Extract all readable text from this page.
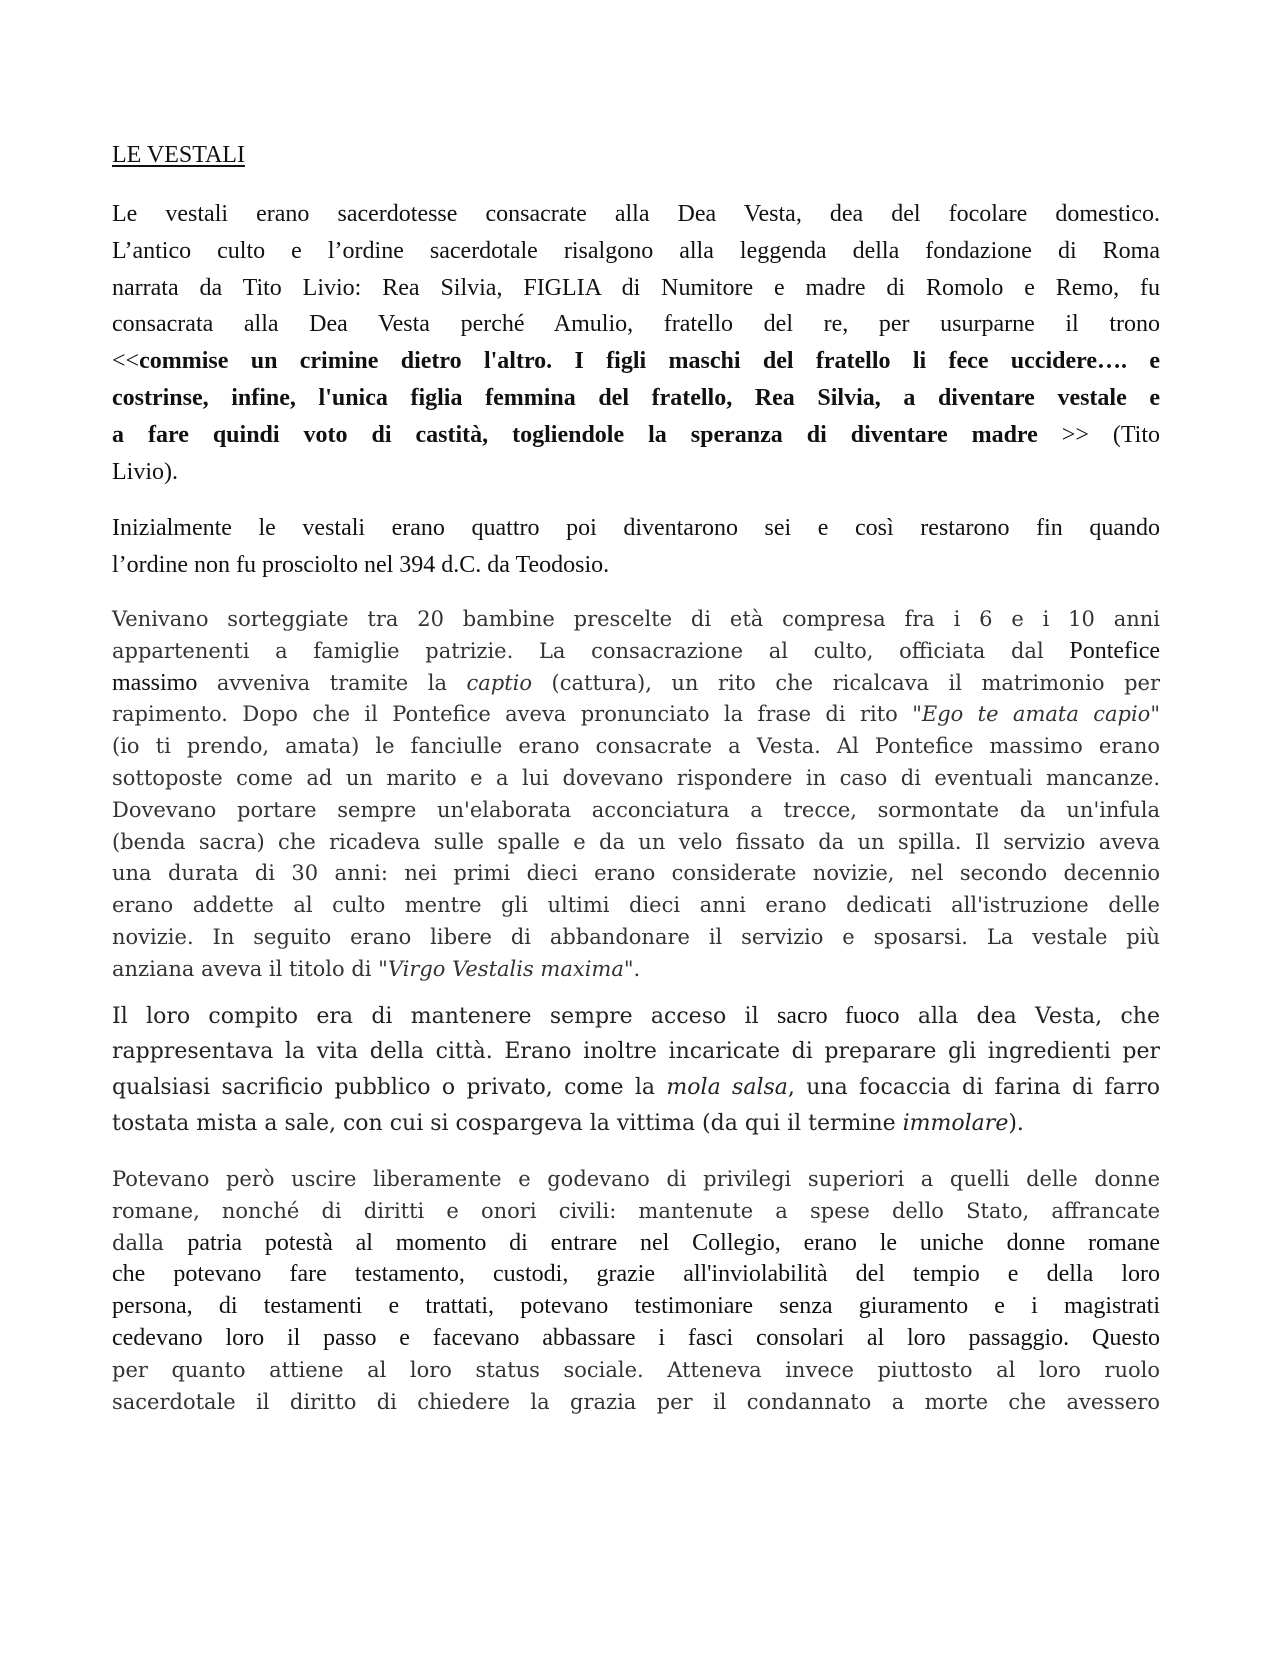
LE VESTALI
Le vestali erano sacerdotesse consacrate alla Dea Vesta, dea del focolare domestico.
L’antico culto e l’ordine sacerdotale risalgono alla leggenda della fondazione di Roma
narrata da Tito Livio: Rea Silvia, FIGLIA di Numitore e madre di Romolo e Remo, fu
consacrata alla Dea Vesta perché Amulio, fratello del re, per usurparne il trono
<<commise un crimine dietro l'altro. I figli maschi del fratello li fece uccidere…. e
costrinse, infine, l'unica figlia femmina del fratello, Rea Silvia, a diventare vestale e
a fare quindi voto di castità, togliendole la speranza di diventare madre >> (Tito
Livio).
Inizialmente le vestali erano quattro poi diventarono sei e così restarono fin quando
l’ordine non fu prosciolto nel 394 d.C. da Teodosio.
Venivano sorteggiate tra 20 bambine prescelte di età compresa fra i 6 e i 10 anni
appartenenti a famiglie patrizie. La consacrazione al culto, officiata dal Pontefice
massimo avveniva tramite la captio (cattura), un rito che ricalcava il matrimonio per
rapimento. Dopo che il Pontefice aveva pronunciato la frase di rito "Ego te amata capio"
(io ti prendo, amata) le fanciulle erano consacrate a Vesta. Al Pontefice massimo erano
sottoposte come ad un marito e a lui dovevano rispondere in caso di eventuali mancanze.
Dovevano portare sempre un'elaborata acconciatura a trecce, sormontate da un'infula
(benda sacra) che ricadeva sulle spalle e da un velo fissato da un spilla. Il servizio aveva
una durata di 30 anni: nei primi dieci erano considerate novizie, nel secondo decennio
erano addette al culto mentre gli ultimi dieci anni erano dedicati all'istruzione delle
novizie. In seguito erano libere di abbandonare il servizio e sposarsi. La vestale più
anziana aveva il titolo di "Virgo Vestalis maxima".
Il loro compito era di mantenere sempre acceso il sacro fuoco alla dea Vesta, che
rappresentava la vita della città. Erano inoltre incaricate di preparare gli ingredienti per
qualsiasi sacrificio pubblico o privato, come la mola salsa, una focaccia di farina di farro
tostata mista a sale, con cui si cospargeva la vittima (da qui il termine immolare).
Potevano però uscire liberamente e godevano di privilegi superiori a quelli delle donne
romane, nonché di diritti e onori civili: mantenute a spese dello Stato, affrancate
dalla patria potestà al momento di entrare nel Collegio, erano le uniche donne romane
che potevano fare testamento, custodi, grazie all'inviolabilità del tempio e della loro
persona, di testamenti e trattati, potevano testimoniare senza giuramento e i magistrati
cedevano loro il passo e facevano abbassare i fasci consolari al loro passaggio. Questo
per quanto attiene al loro status sociale. Atteneva invece piuttosto al loro ruolo
sacerdotale il diritto di chiedere la grazia per il condannato a morte che avessero
